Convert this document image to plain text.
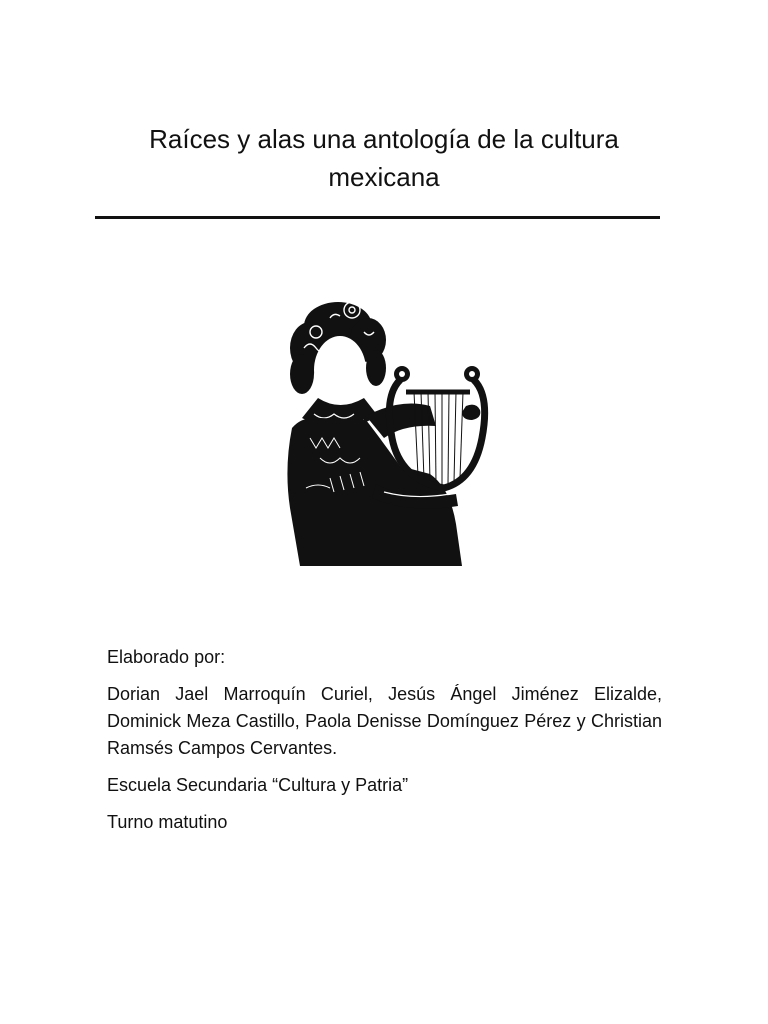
Raíces y alas una antología de la cultura
mexicana

Elaborado por:

Dorian Jael Marroquín Curiel, Jesús Ángel Jiménez Elizalde, Dominick Meza Castillo, Paola Denisse Domínguez Pérez y Christian Ramsés Campos Cervantes.

Escuela Secundaria “Cultura y Patria”

Turno matutino
